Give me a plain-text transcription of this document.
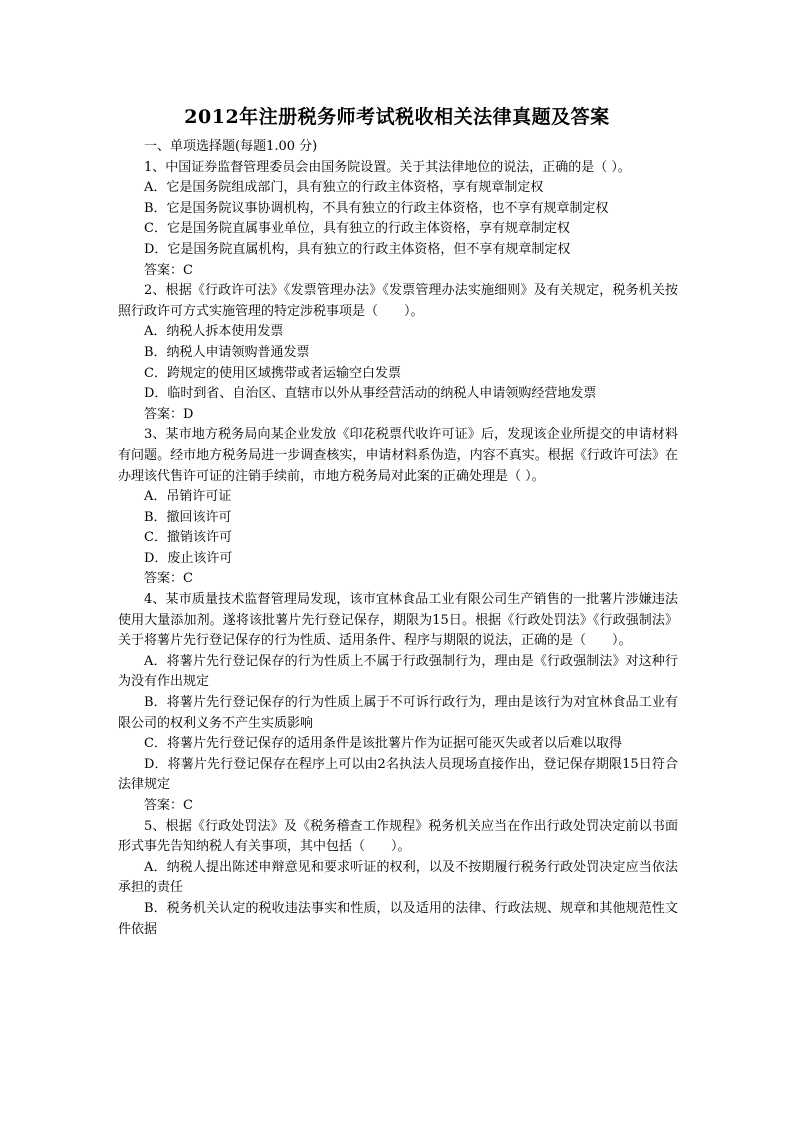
2012年注册税务师考试税收相关法律真题及答案

一、单项选择题(每题1.00 分)

1、中国证券监督管理委员会由国务院设置。关于其法律地位的说法，正确的是（ ）。

A．它是国务院组成部门，具有独立的行政主体资格，享有规章制定权

B．它是国务院议事协调机构，不具有独立的行政主体资格，也不享有规章制定权

C．它是国务院直属事业单位，具有独立的行政主体资格，享有规章制定权

D．它是国务院直属机构，具有独立的行政主体资格，但不享有规章制定权

答案：C

2、根据《行政许可法》《发票管理办法》《发票管理办法实施细则》及有关规定，税务机关按照行政许可方式实施管理的特定涉税事项是（　　）。

A．纳税人拆本使用发票

B．纳税人申请领购普通发票

C．跨规定的使用区域携带或者运输空白发票

D．临时到省、自治区、直辖市以外从事经营活动的纳税人申请领购经营地发票

答案：D

3、某市地方税务局向某企业发放《印花税票代收许可证》后，发现该企业所提交的申请材料有问题。经市地方税务局进一步调查核实，申请材料系伪造，内容不真实。根据《行政许可法》在办理该代售许可证的注销手续前，市地方税务局对此案的正确处理是（ ）。

A．吊销许可证

B．撤回该许可

C．撤销该许可

D．废止该许可

答案：C

4、某市质量技术监督管理局发现，该市宜林食品工业有限公司生产销售的一批薯片涉嫌违法使用大量添加剂。遂将该批薯片先行登记保存，期限为15日。根据《行政处罚法》《行政强制法》关于将薯片先行登记保存的行为性质、适用条件、程序与期限的说法，正确的是（　　）。

A．将薯片先行登记保存的行为性质上不属于行政强制行为，理由是《行政强制法》对这种行为没有作出规定

B．将薯片先行登记保存的行为性质上属于不可诉行政行为，理由是该行为对宜林食品工业有限公司的权利义务不产生实质影响

C．将薯片先行登记保存的适用条件是该批薯片作为证据可能灭失或者以后难以取得

D．将薯片先行登记保存在程序上可以由2名执法人员现场直接作出，登记保存期限15日符合法律规定

答案：C

5、根据《行政处罚法》及《税务稽查工作规程》税务机关应当在作出行政处罚决定前以书面形式事先告知纳税人有关事项，其中包括（　　）。

A．纳税人提出陈述申辩意见和要求听证的权利，以及不按期履行税务行政处罚决定应当依法承担的责任

B．税务机关认定的税收违法事实和性质，以及适用的法律、行政法规、规章和其他规范性文件依据
